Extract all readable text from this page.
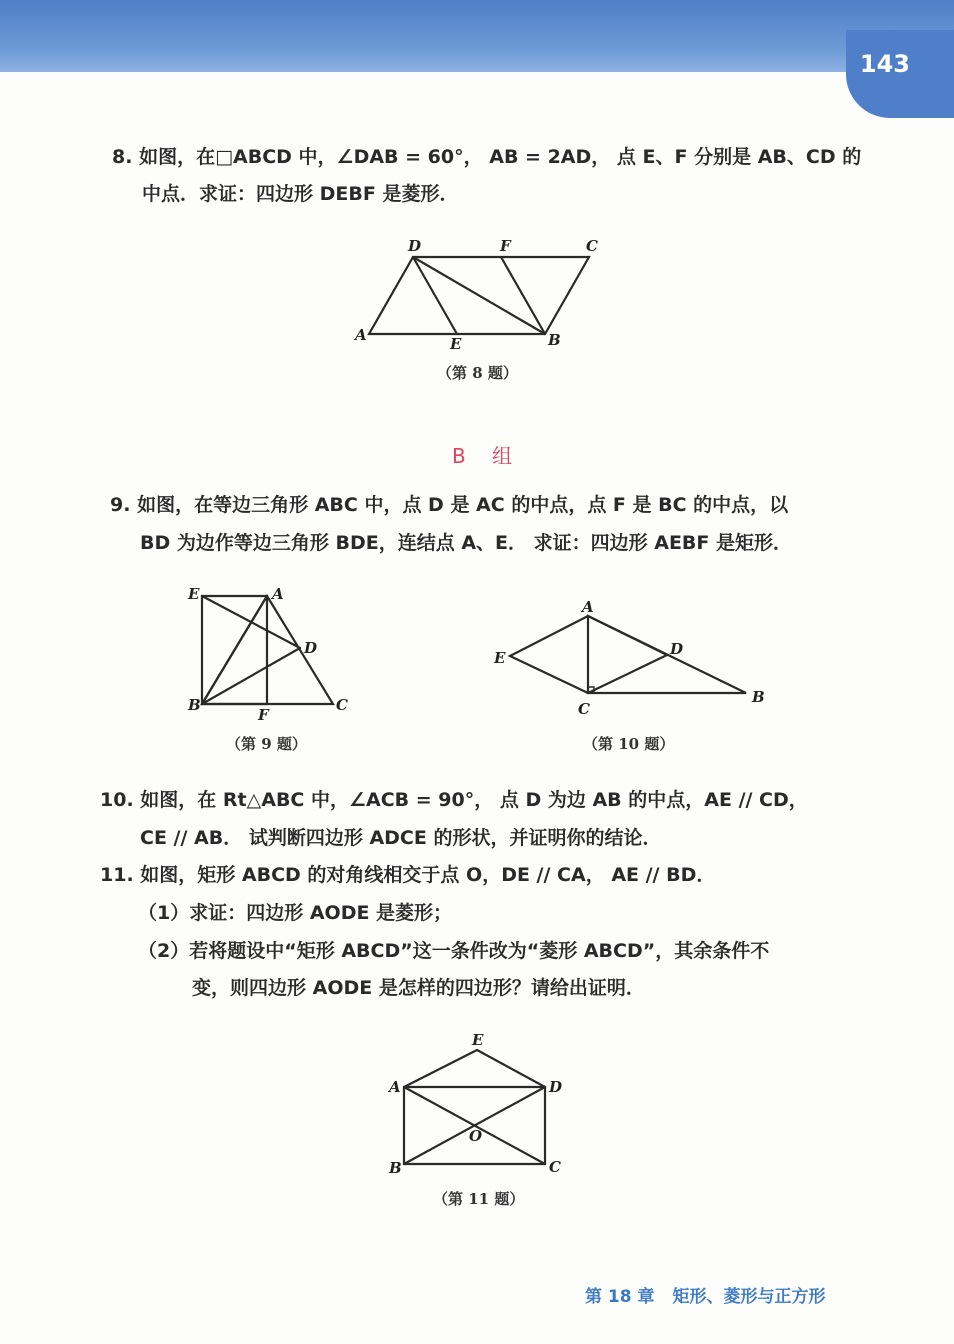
143
8. 如图，在□ABCD 中，∠DAB = 60°， AB = 2AD， 点 E、F 分别是 AB、CD 的
中点．求证：四边形 DEBF 是菱形．
D	F	C
A	E	B
（第 8 题）
B 组
9. 如图，在等边三角形 ABC 中，点 D 是 AC 的中点，点 F 是 BC 的中点，以
BD 为边作等边三角形 BDE，连结点 A、E． 求证：四边形 AEBF 是矩形．
E	A
D
B
F
C
（第 9 题）
A
E	D
B
C
（第 10 题）
10. 如图，在 Rt△ABC 中，∠ACB = 90°， 点 D 为边 AB 的中点，AE // CD，
CE // AB． 试判断四边形 ADCE 的形状，并证明你的结论．
11. 如图，矩形 ABCD 的对角线相交于点 O，DE // CA， AE // BD．
（1）求证：四边形 AODE 是菱形；
（2）若将题设中“矩形 ABCD”这一条件改为“菱形 ABCD”，其余条件不
变，则四边形 AODE 是怎样的四边形？请给出证明．
E
A	D
O
B	C
（第 11 题）
第 18 章 矩形、菱形与正方形
